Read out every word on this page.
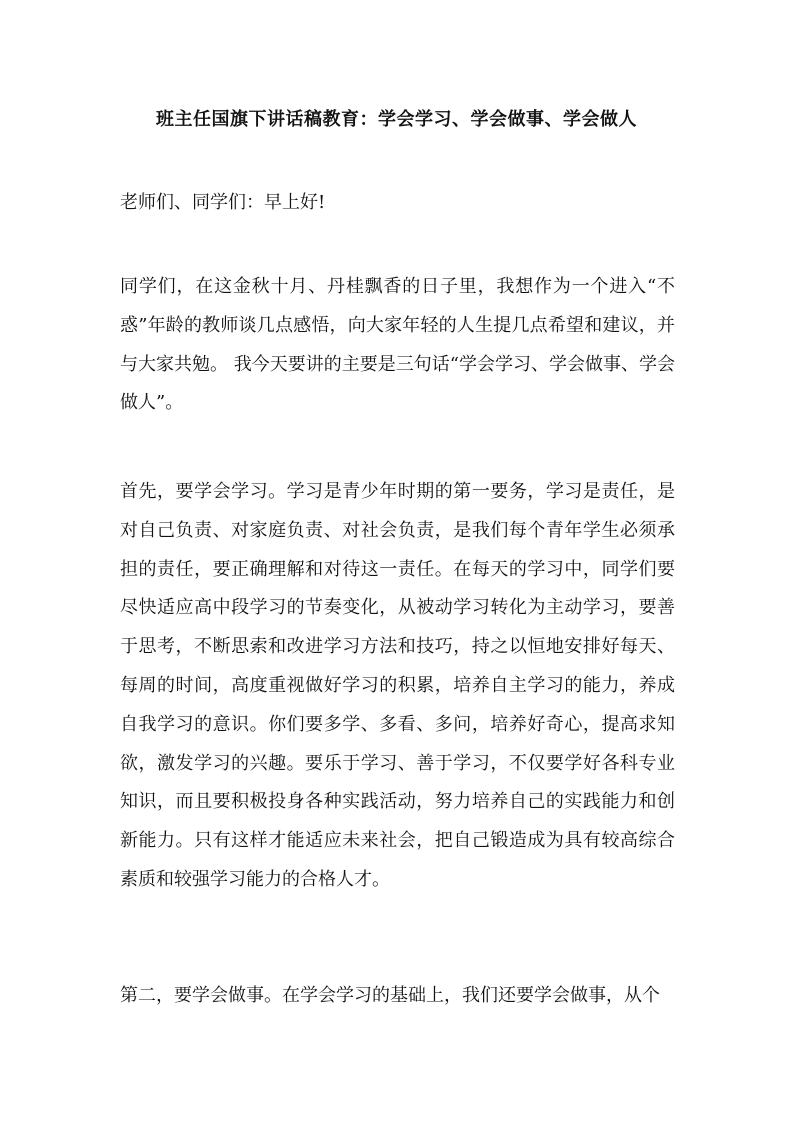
班主任国旗下讲话稿教育：学会学习、学会做事、学会做人
老师们、同学们：早上好!
同学们，在这金秋十月、丹桂飘香的日子里，我想作为一个进入“不惑”年龄的教师谈几点感悟，向大家年轻的人生提几点希望和建议，并与大家共勉。 我今天要讲的主要是三句话“学会学习、学会做事、学会做人”。
首先，要学会学习。学习是青少年时期的第一要务，学习是责任，是对自己负责、对家庭负责、对社会负责，是我们每个青年学生必须承担的责任，要正确理解和对待这一责任。在每天的学习中，同学们要尽快适应高中段学习的节奏变化，从被动学习转化为主动学习，要善于思考，不断思索和改进学习方法和技巧，持之以恒地安排好每天、每周的时间，高度重视做好学习的积累，培养自主学习的能力，养成自我学习的意识。你们要多学、多看、多问，培养好奇心，提高求知欲，激发学习的兴趣。要乐于学习、善于学习，不仅要学好各科专业知识，而且要积极投身各种实践活动，努力培养自己的实践能力和创新能力。只有这样才能适应未来社会，把自己锻造成为具有较高综合素质和较强学习能力的合格人才。
第二，要学会做事。在学会学习的基础上，我们还要学会做事，从个
